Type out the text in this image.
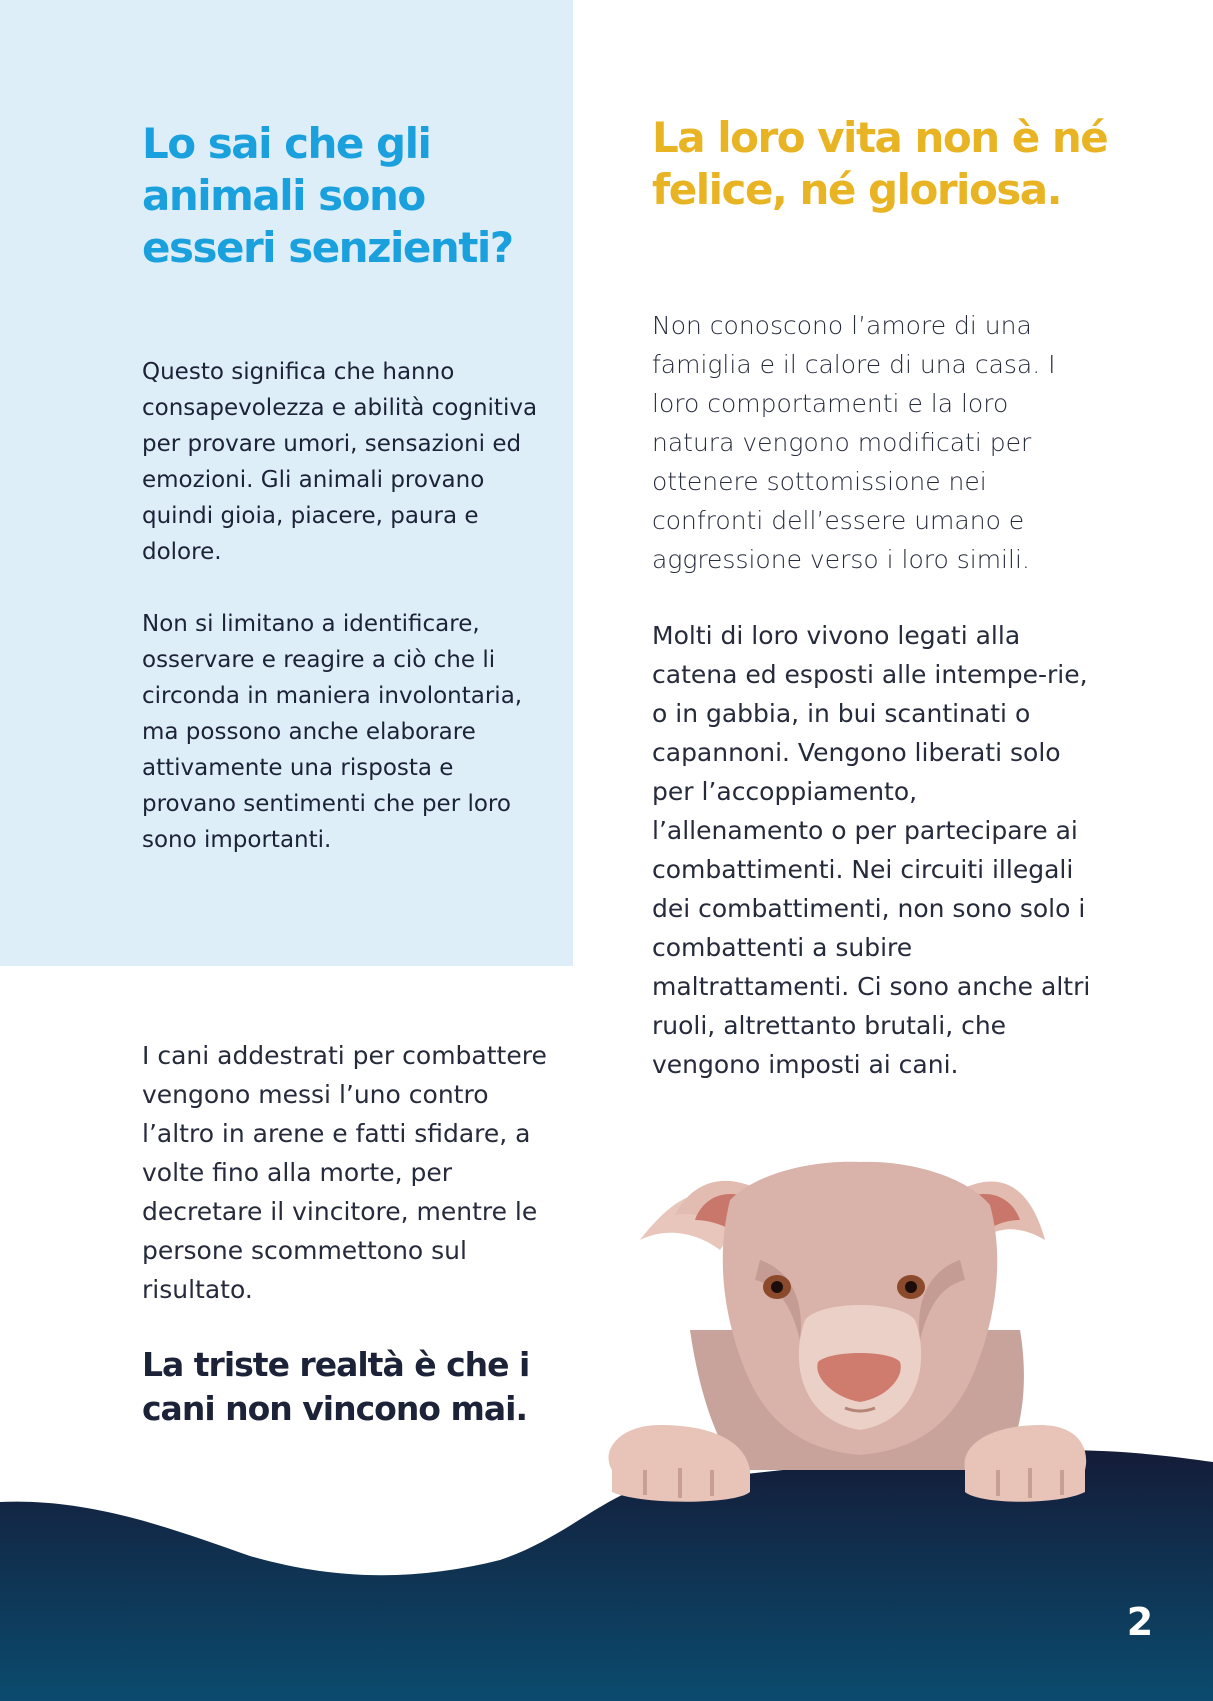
Lo sai che gli animali sono esseri senzienti?

Questo significa che hanno consapevolezza e abilità cognitiva per provare umori, sensazioni ed emozioni. Gli animali provano quindi gioia, piacere, paura e dolore.

Non si limitano a identificare, osservare e reagire a ciò che li circonda in maniera involontaria, ma possono anche elaborare attivamente una risposta e provano sentimenti che per loro sono importanti.

La loro vita non è né felice, né gloriosa.

Non conoscono l’amore di una famiglia e il calore di una casa. I loro comportamenti e la loro natura vengono modificati per ottenere sottomissione nei confronti dell’essere umano e aggressione verso i loro simili.

Molti di loro vivono legati alla catena ed esposti alle intempe-rie, o in gabbia, in bui scantinati o capannoni. Vengono liberati solo per l’accoppiamento, l’allenamento o per partecipare ai combattimenti. Nei circuiti illegali dei combattimenti, non sono solo i combattenti a subire maltrattamenti. Ci sono anche altri ruoli, altrettanto brutali, che vengono imposti ai cani.

I cani addestrati per combattere vengono messi l’uno contro l’altro in arene e fatti sfidare, a volte fino alla morte, per decretare il vincitore, mentre le persone scommettono sul risultato.

La triste realtà è che i cani non vincono mai.

2
